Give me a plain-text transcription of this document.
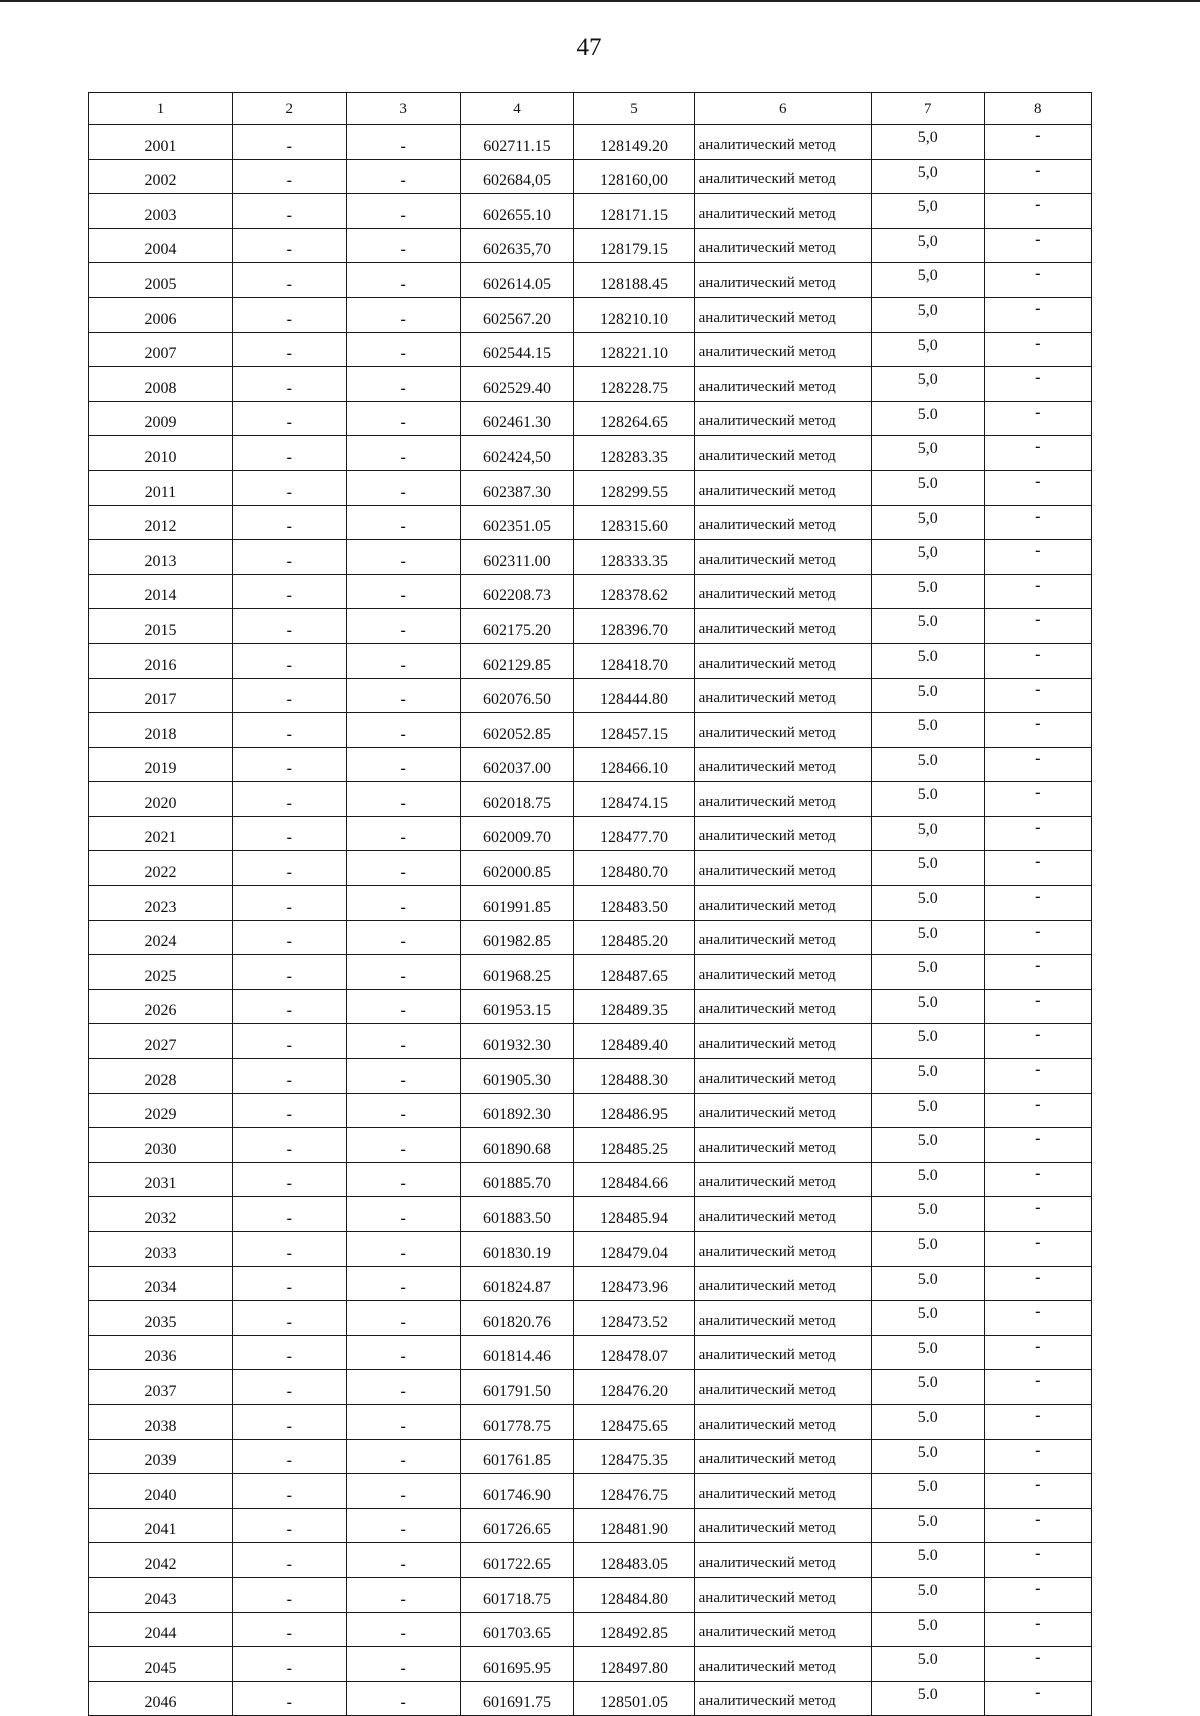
47
1	2	3	4	5	6	7	8
2001	-	-	602711.15	128149.20	аналитический метод	5,0	-
2002	-	-	602684,05	128160,00	аналитический метод	5,0	-
2003	-	-	602655.10	128171.15	аналитический метод	5,0	-
2004	-	-	602635,70	128179.15	аналитический метод	5,0	-
2005	-	-	602614.05	128188.45	аналитический метод	5,0	-
2006	-	-	602567.20	128210.10	аналитический метод	5,0	-
2007	-	-	602544.15	128221.10	аналитический метод	5,0	-
2008	-	-	602529.40	128228.75	аналитический метод	5,0	-
2009	-	-	602461.30	128264.65	аналитический метод	5.0	-
2010	-	-	602424,50	128283.35	аналитический метод	5,0	-
2011	-	-	602387.30	128299.55	аналитический метод	5.0	-
2012	-	-	602351.05	128315.60	аналитический метод	5,0	-
2013	-	-	602311.00	128333.35	аналитический метод	5,0	-
2014	-	-	602208.73	128378.62	аналитический метод	5.0	-
2015	-	-	602175.20	128396.70	аналитический метод	5.0	-
2016	-	-	602129.85	128418.70	аналитический метод	5.0	-
2017	-	-	602076.50	128444.80	аналитический метод	5.0	-
2018	-	-	602052.85	128457.15	аналитический метод	5.0	-
2019	-	-	602037.00	128466.10	аналитический метод	5.0	-
2020	-	-	602018.75	128474.15	аналитический метод	5.0	-
2021	-	-	602009.70	128477.70	аналитический метод	5,0	-
2022	-	-	602000.85	128480.70	аналитический метод	5.0	-
2023	-	-	601991.85	128483.50	аналитический метод	5.0	-
2024	-	-	601982.85	128485.20	аналитический метод	5.0	-
2025	-	-	601968.25	128487.65	аналитический метод	5.0	-
2026	-	-	601953.15	128489.35	аналитический метод	5.0	-
2027	-	-	601932.30	128489.40	аналитический метод	5.0	-
2028	-	-	601905.30	128488.30	аналитический метод	5.0	-
2029	-	-	601892.30	128486.95	аналитический метод	5.0	-
2030	-	-	601890.68	128485.25	аналитический метод	5.0	-
2031	-	-	601885.70	128484.66	аналитический метод	5.0	-
2032	-	-	601883.50	128485.94	аналитический метод	5.0	-
2033	-	-	601830.19	128479.04	аналитический метод	5.0	-
2034	-	-	601824.87	128473.96	аналитический метод	5.0	-
2035	-	-	601820.76	128473.52	аналитический метод	5.0	-
2036	-	-	601814.46	128478.07	аналитический метод	5.0	-
2037	-	-	601791.50	128476.20	аналитический метод	5.0	-
2038	-	-	601778.75	128475.65	аналитический метод	5.0	-
2039	-	-	601761.85	128475.35	аналитический метод	5.0	-
2040	-	-	601746.90	128476.75	аналитический метод	5.0	-
2041	-	-	601726.65	128481.90	аналитический метод	5.0	-
2042	-	-	601722.65	128483.05	аналитический метод	5.0	-
2043	-	-	601718.75	128484.80	аналитический метод	5.0	-
2044	-	-	601703.65	128492.85	аналитический метод	5.0	-
2045	-	-	601695.95	128497.80	аналитический метод	5.0	-
2046	-	-	601691.75	128501.05	аналитический метод	5.0	-
